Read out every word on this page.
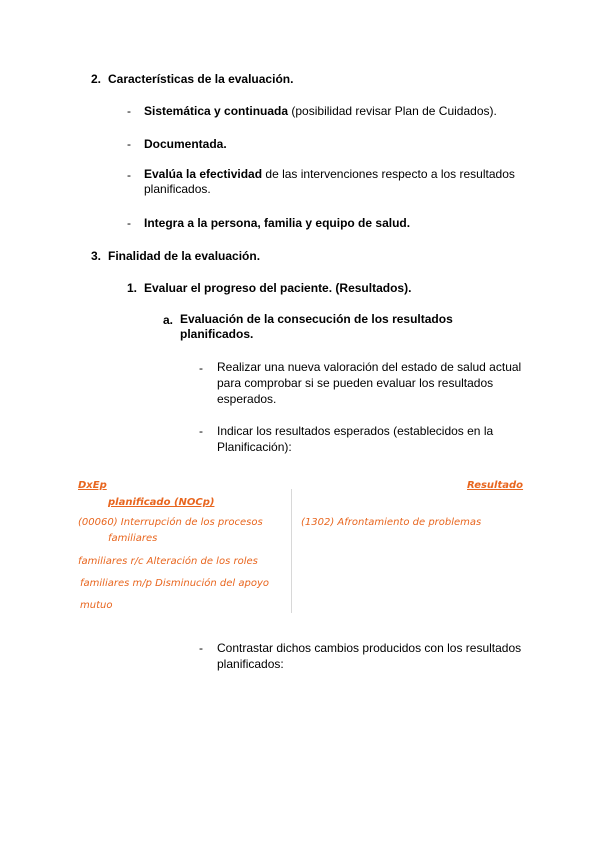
2. Características de la evaluación.
- Sistemática y continuada (posibilidad revisar Plan de Cuidados).
- Documentada.
- Evalúa la efectividad de las intervenciones respecto a los resultados
planificados.
- Integra a la persona, familia y equipo de salud.
3. Finalidad de la evaluación.
1. Evaluar el progreso del paciente. (Resultados).
a. Evaluación de la consecución de los resultados
planificados.
- Realizar una nueva valoración del estado de salud actual
para comprobar si se pueden evaluar los resultados
esperados.
- Indicar los resultados esperados (establecidos en la
Planificación):
DxEp	Resultado
planificado (NOCp)
(00060) Interrupción de los procesos
familiares
familiares r/c Alteración de los roles
familiares m/p Disminución del apoyo
mutuo
(1302) Afrontamiento de problemas
- Contrastar dichos cambios producidos con los resultados
planificados:
